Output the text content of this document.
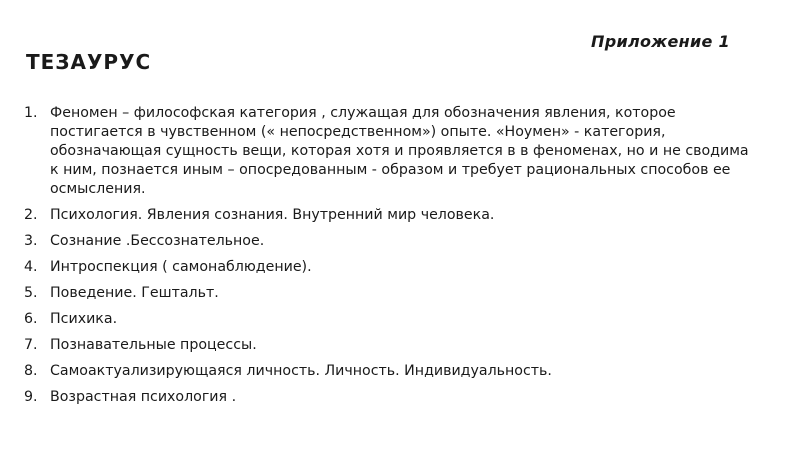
Приложение 1
ТЕЗАУРУС
1. Феномен – философская категория , служащая для обозначения явления, которое постигается в чувственном (« непосредственном») опыте. «Ноумен» - категория, обозначающая сущность вещи, которая хотя и проявляется в в феноменах, но и не сводима к ним, познается иным – опосредованным - образом и требует рациональных способов ее осмысления.
2. Психология. Явления сознания. Внутренний мир человека.
3. Сознание .Бессознательное.
4. Интроспекция ( самонаблюдение).
5. Поведение. Гештальт.
6. Психика.
7. Познавательные процессы.
8. Самоактуализирующаяся личность. Личность. Индивидуальность.
9. Возрастная психология .
